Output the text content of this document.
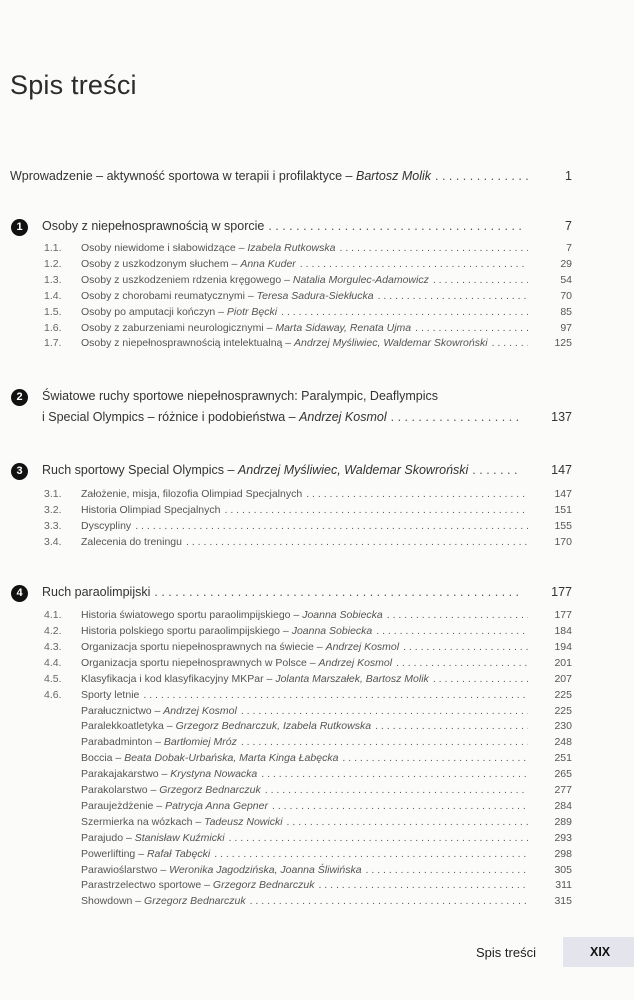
Spis treści
Wprowadzenie – aktywność sportowa w terapii i profilaktyce – Bartosz Molik . . .	1
1	Osoby z niepełnosprawnością w sporcie . . .	7
1.1.	Osoby niewidome i słabowidzące – Izabela Rutkowska . . .	7
1.2.	Osoby z uszkodzonym słuchem – Anna Kuder . . .	29
1.3.	Osoby z uszkodzeniem rdzenia kręgowego – Natalia Morgulec-Adamowicz . . .	54
1.4.	Osoby z chorobami reumatycznymi – Teresa Sadura-Siekłucka . . .	70
1.5.	Osoby po amputacji kończyn – Piotr Bęcki . . .	85
1.6.	Osoby z zaburzeniami neurologicznymi – Marta Sidaway, Renata Ujma . . .	97
1.7.	Osoby z niepełnosprawnością intelektualną – Andrzej Myśliwiec, Waldemar Skowroński . . .	125
2	Światowe ruchy sportowe niepełnosprawnych: Paralympic, Deaflympics
i Special Olympics – różnice i podobieństwa – Andrzej Kosmol . . .	137
3	Ruch sportowy Special Olympics – Andrzej Myśliwiec, Waldemar Skowroński . . .	147
3.1.	Założenie, misja, filozofia Olimpiad Specjalnych . . .	147
3.2.	Historia Olimpiad Specjalnych . . .	151
3.3.	Dyscypliny . . .	155
3.4.	Zalecenia do treningu . . .	170
4	Ruch paraolimpijski . . .	177
4.1.	Historia światowego sportu paraolimpijskiego – Joanna Sobiecka . . .	177
4.2.	Historia polskiego sportu paraolimpijskiego – Joanna Sobiecka . . .	184
4.3.	Organizacja sportu niepełnosprawnych na świecie – Andrzej Kosmol . . .	194
4.4.	Organizacja sportu niepełnosprawnych w Polsce – Andrzej Kosmol . . .	201
4.5.	Klasyfikacja i kod klasyfikacyjny MKPar – Jolanta Marszałek, Bartosz Molik . . .	207
4.6.	Sporty letnie . . .	225
Parałucznictwo – Andrzej Kosmol . . .	225
Paralekkoatletyka – Grzegorz Bednarczuk, Izabela Rutkowska . . .	230
Parabadminton – Bartłomiej Mróz . . .	248
Boccia – Beata Dobak-Urbańska, Marta Kinga Łabęcka . . .	251
Parakajakarstwo – Krystyna Nowacka . . .	265
Parakolarstwo – Grzegorz Bednarczuk . . .	277
Paraujeżdżenie – Patrycja Anna Gepner . . .	284
Szermierka na wózkach – Tadeusz Nowicki . . .	289
Parajudo – Stanisław Kuźmicki . . .	293
Powerlifting – Rafał Tabęcki . . .	298
Parawioślarstwo – Weronika Jagodzińska, Joanna Śliwińska . . .	305
Parastrzelectwo sportowe – Grzegorz Bednarczuk . . .	311
Showdown – Grzegorz Bednarczuk . . .	315
Spis treści	XIX
